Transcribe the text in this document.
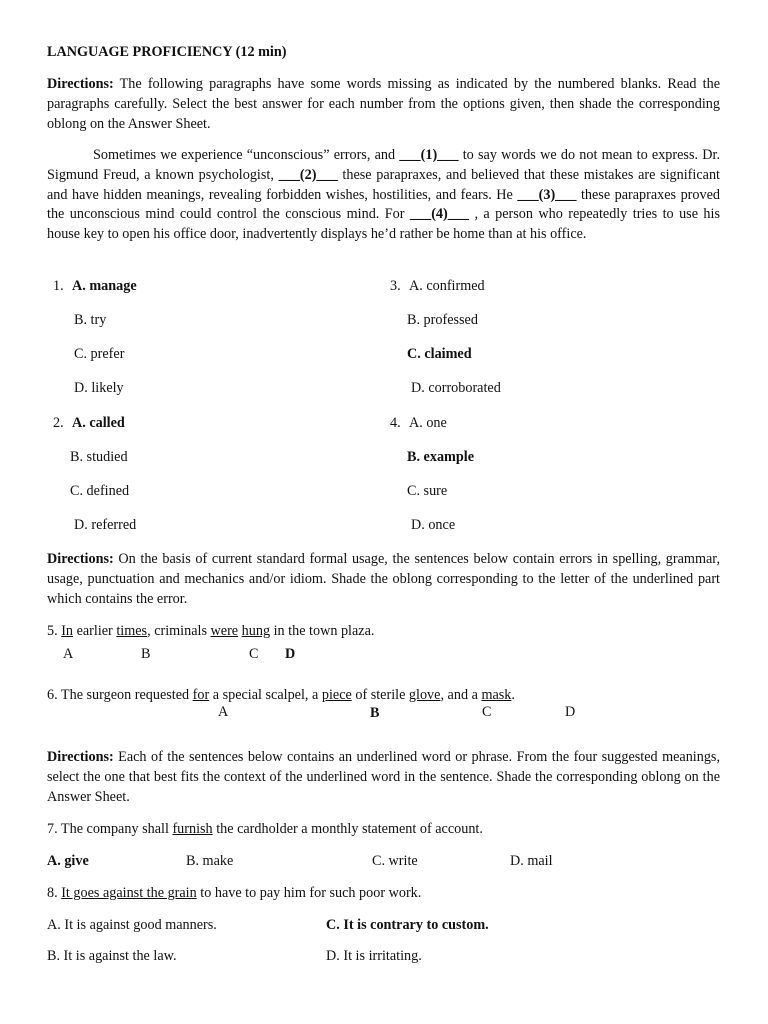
LANGUAGE PROFICIENCY (12 min)
Directions: The following paragraphs have some words missing as indicated by the numbered blanks. Read the paragraphs carefully. Select the best answer for each number from the options given, then shade the corresponding oblong on the Answer Sheet.
Sometimes we experience “unconscious” errors, and ___(1)___ to say words we do not mean to express. Dr. Sigmund Freud, a known psychologist, ___(2)___ these parapraxes, and believed that these mistakes are significant and have hidden meanings, revealing forbidden wishes, hostilities, and fears. He ___(3)___ these parapraxes proved the unconscious mind could control the conscious mind. For ___(4)___ , a person who repeatedly tries to use his house key to open his office door, inadvertently displays he’d rather be home than at his office.
1. A. manage
B. try
C. prefer
D. likely
3. A. confirmed
B. professed
C. claimed
D. corroborated
2. A. called
B. studied
C. defined
D. referred
4. A. one
B. example
C. sure
D. once
Directions: On the basis of current standard formal usage, the sentences below contain errors in spelling, grammar, usage, punctuation and mechanics and/or idiom. Shade the oblong corresponding to the letter of the underlined part which contains the error.
5. In earlier times, criminals were hung in the town plaza.
A	B	C D
6. The surgeon requested for a special scalpel, a piece of sterile glove, and a mask.
A	B	C	D
Directions: Each of the sentences below contains an underlined word or phrase. From the four suggested meanings, select the one that best fits the context of the underlined word in the sentence. Shade the corresponding oblong on the Answer Sheet.
7. The company shall furnish the cardholder a monthly statement of account.
A. give	B. make	C. write	D. mail
8. It goes against the grain to have to pay him for such poor work.
A. It is against good manners.	C. It is contrary to custom.
B. It is against the law.	D. It is irritating.
